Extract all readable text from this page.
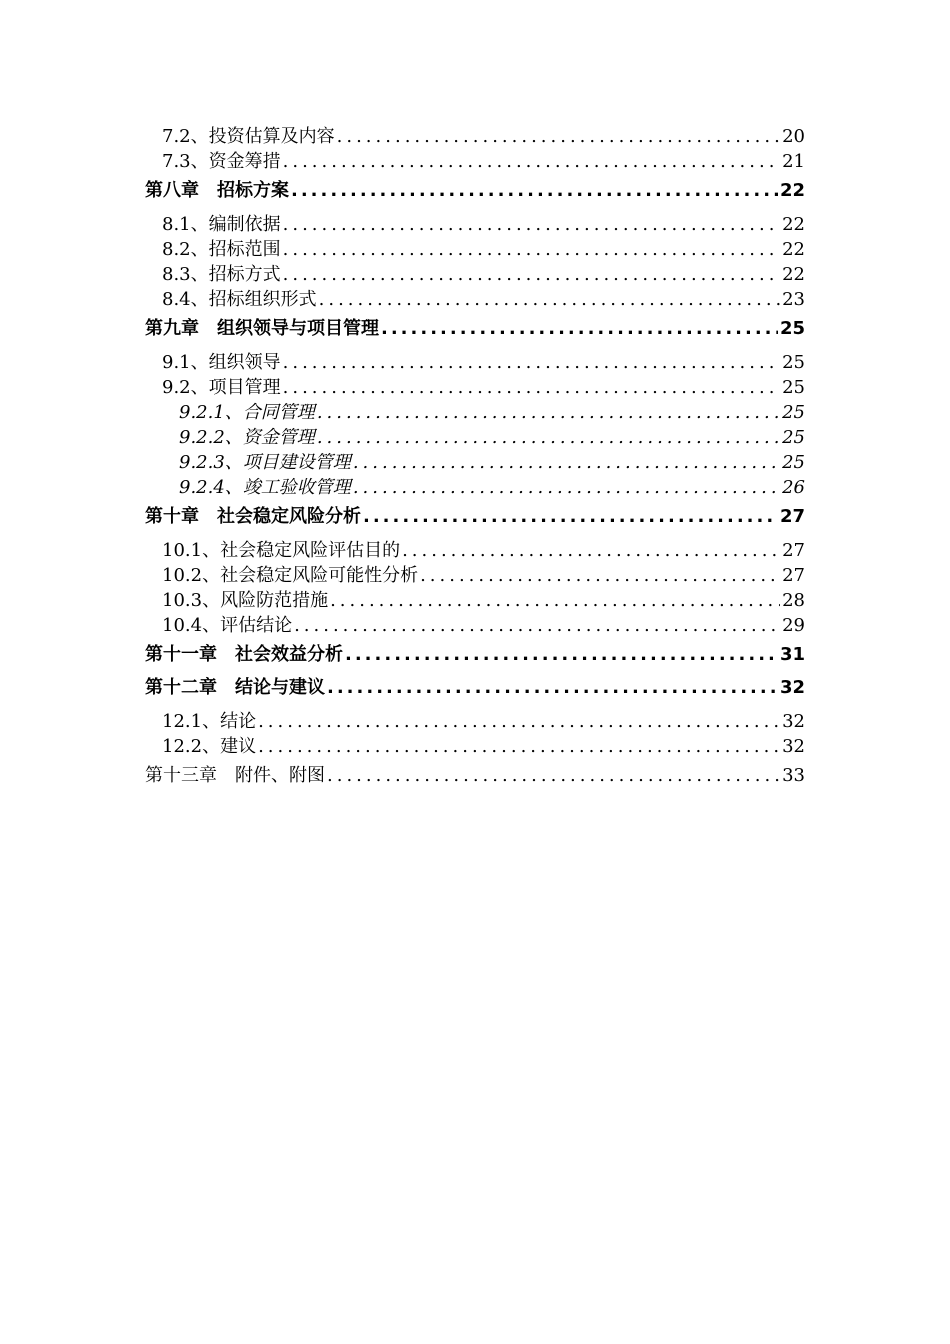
7.2、投资估算及内容 .....	20
7.3、资金筹措 .....	21
第八章　招标方案 .....	22
8.1、编制依据 .....	22
8.2、招标范围 .....	22
8.3、招标方式 .....	22
8.4、招标组织形式 .....	23
第九章　组织领导与项目管理 .....	25
9.1、组织领导 .....	25
9.2、项目管理 .....	25
9.2.1、合同管理 .....	25
9.2.2、资金管理 .....	25
9.2.3、项目建设管理 .....	25
9.2.4、竣工验收管理 .....	26
第十章　社会稳定风险分析 .....	27
10.1、社会稳定风险评估目的 .....	27
10.2、社会稳定风险可能性分析 .....	27
10.3、风险防范措施 .....	28
10.4、评估结论 .....	29
第十一章　社会效益分析 .....	31
第十二章　结论与建议 .....	32
12.1、结论 .....	32
12.2、建议 .....	32
第十三章　附件、附图 .....	33
